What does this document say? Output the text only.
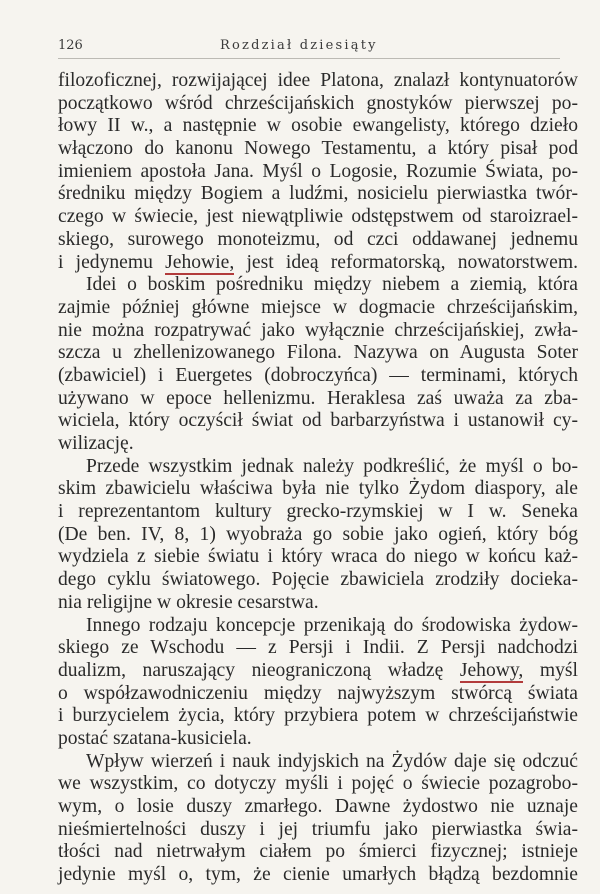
126	Rozdział dziesiąty
filozoficznej, rozwijającej idee Platona, znalazł kontynuatorów
początkowo wśród chrześcijańskich gnostyków pierwszej po-
łowy II w., a następnie w osobie ewangelisty, którego dzieło
włączono do kanonu Nowego Testamentu, a który pisał pod
imieniem apostoła Jana. Myśl o Logosie, Rozumie Świata, po-
średniku między Bogiem a ludźmi, nosicielu pierwiastka twór-
czego w świecie, jest niewątpliwie odstępstwem od staroizrael-
skiego, surowego monoteizmu, od czci oddawanej jednemu
i jedynemu Jehowie, jest ideą reformatorską, nowatorstwem.
Idei o boskim pośredniku między niebem a ziemią, która
zajmie później główne miejsce w dogmacie chrześcijańskim,
nie można rozpatrywać jako wyłącznie chrześcijańskiej, zwła-
szcza u zhellenizowanego Filona. Nazywa on Augusta Soter
(zbawiciel) i Euergetes (dobroczyńca) — terminami, których
używano w epoce hellenizmu. Heraklesa zaś uważa za zba-
wiciela, który oczyścił świat od barbarzyństwa i ustanowił cy-
wilizację.
Przede wszystkim jednak należy podkreślić, że myśl o bo-
skim zbawicielu właściwa była nie tylko Żydom diaspory, ale
i reprezentantom kultury grecko-rzymskiej w I w. Seneka
(De ben. IV, 8, 1) wyobraża go sobie jako ogień, który bóg
wydziela z siebie światu i który wraca do niego w końcu każ-
dego cyklu światowego. Pojęcie zbawiciela zrodziły docieka-
nia religijne w okresie cesarstwa.
Innego rodzaju koncepcje przenikają do środowiska żydow-
skiego ze Wschodu — z Persji i Indii. Z Persji nadchodzi
dualizm, naruszający nieograniczoną władzę Jehowy, myśl
o współzawodniczeniu między najwyższym stwórcą świata
i burzycielem życia, który przybiera potem w chrześcijaństwie
postać szatana-kusiciela.
Wpływ wierzeń i nauk indyjskich na Żydów daje się odczuć
we wszystkim, co dotyczy myśli i pojęć o świecie pozagrobo-
wym, o losie duszy zmarłego. Dawne żydostwo nie uznaje
nieśmiertelności duszy i jej triumfu jako pierwiastka świa-
tłości nad nietrwałym ciałem po śmierci fizycznej; istnieje
jedynie myśl o, tym, że cienie umarłych błądzą bezdomnie
